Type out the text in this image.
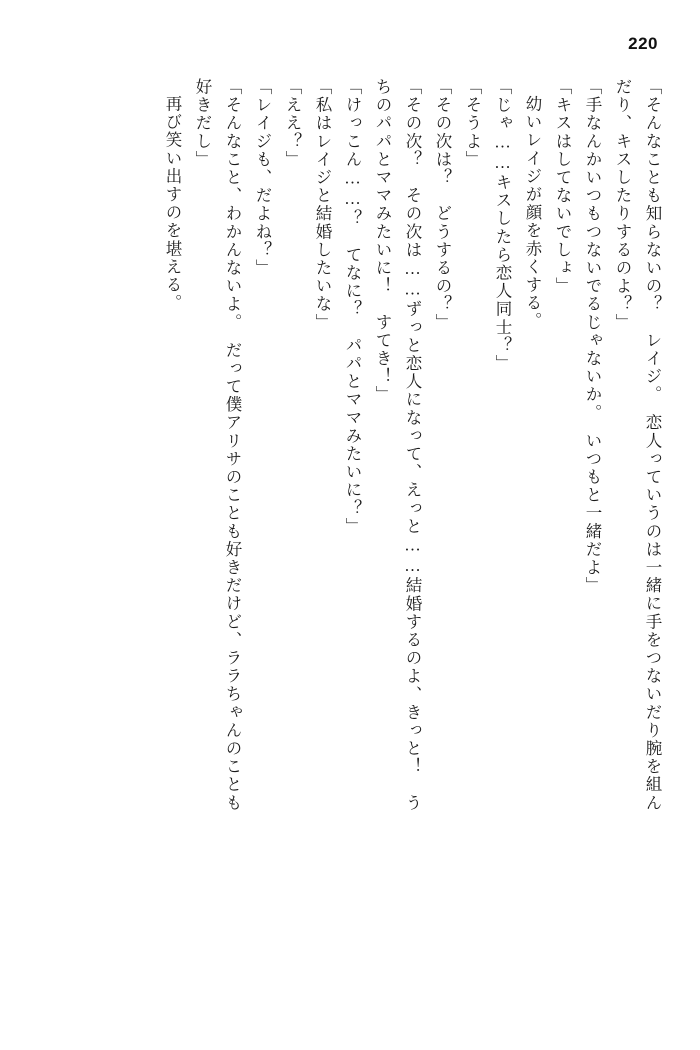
220
「そんなことも知らないの？　レイジ。　恋人っていうのは一緒に手をつないだり腕を組ん
だり、キスしたりするのよ？」
「手なんかいつもつないでるじゃないか。　いつもと一緒だよ」
「キスはしてないでしょ」
幼いレイジが顔を赤くする。
「じゃ……キスしたら恋人同士？」
「そうよ」
「その次は？　どうするの？」
「その次？　その次は……ずっと恋人になって、えっと……結婚するのよ、きっと！　う
ちのパパとママみたいに！　すてき！」
「けっこん……？　てなに？　パパとママみたいに？」
「私はレイジと結婚したいな」
「ええ？」
「レイジも、だよね？」
「そんなこと、わかんないよ。　だって僕アリサのことも好きだけど、ララちゃんのことも
好きだし」
再び笑い出すのを堪える。
